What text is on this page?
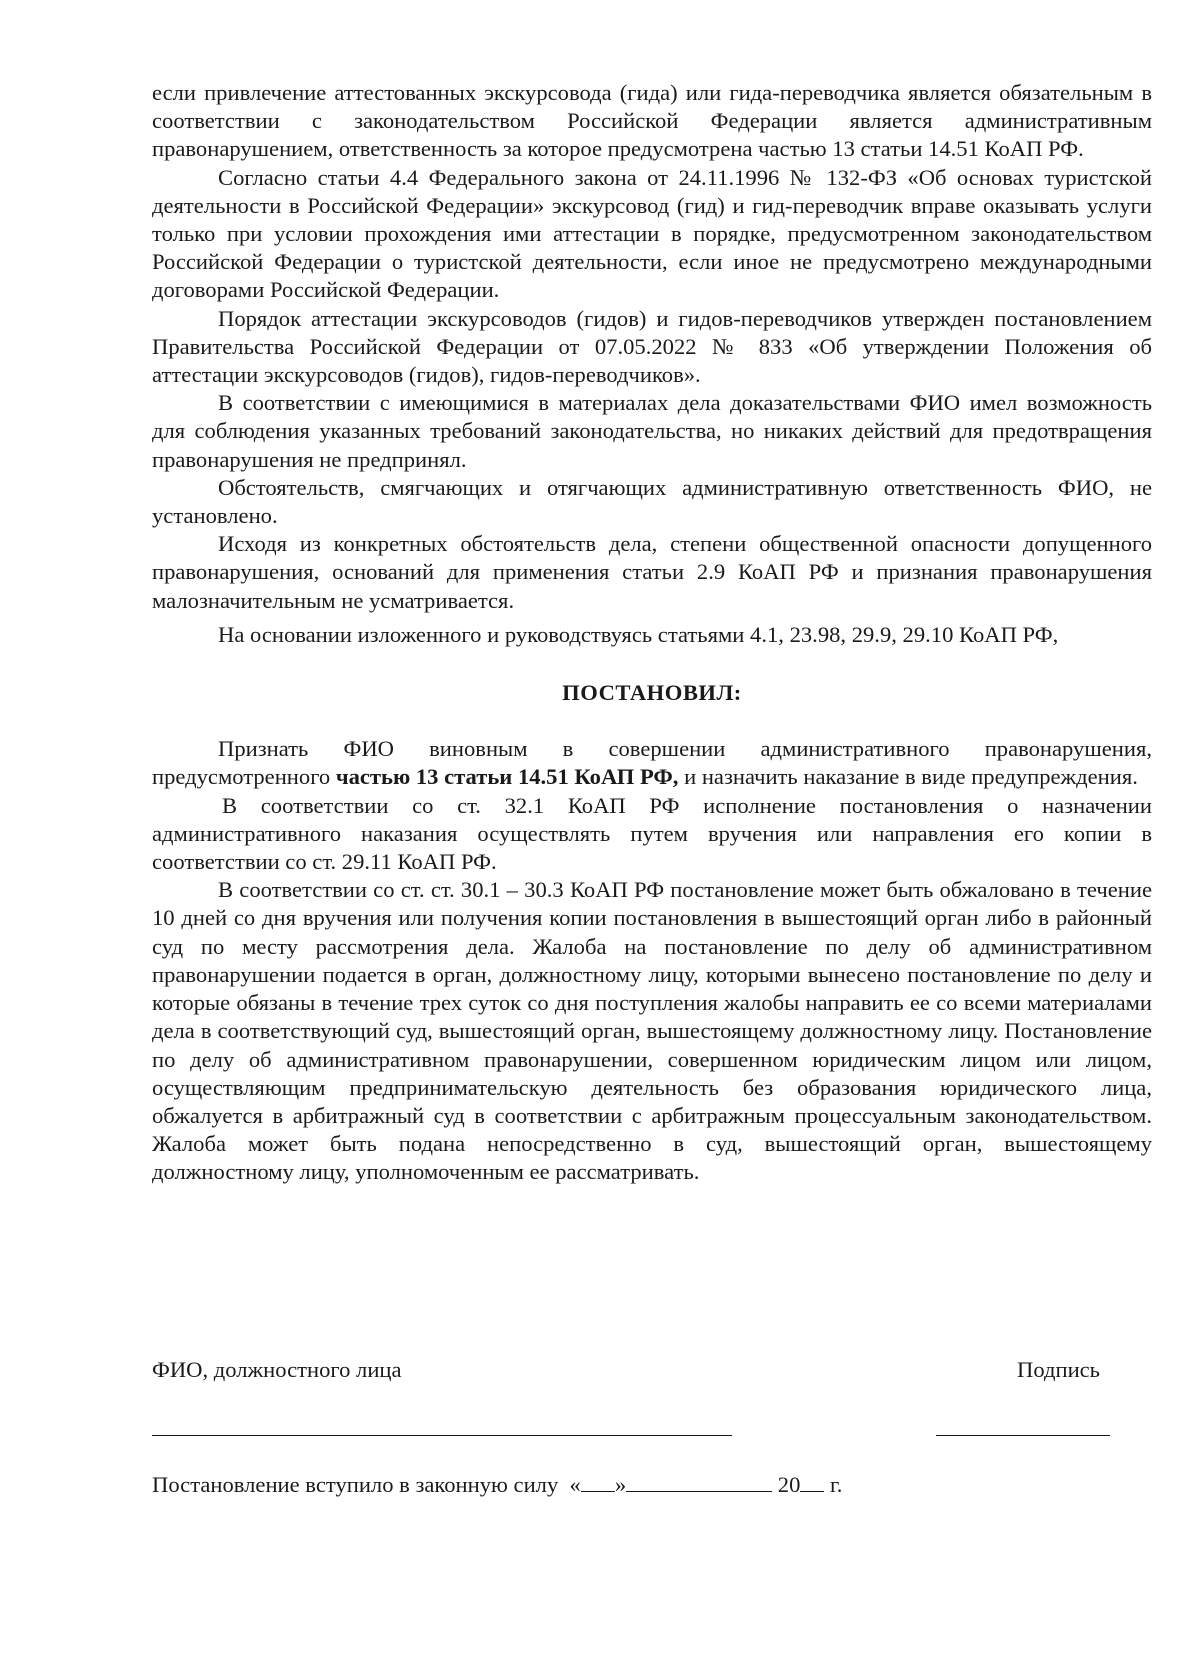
если привлечение аттестованных экскурсовода (гида) или гида-переводчика является обязательным в соответствии с законодательством Российской Федерации является административным правонарушением, ответственность за которое предусмотрена частью 13 статьи 14.51 КоАП РФ.

Согласно статьи 4.4 Федерального закона от 24.11.1996 № 132-ФЗ «Об основах туристской деятельности в Российской Федерации» экскурсовод (гид) и гид-переводчик вправе оказывать услуги только при условии прохождения ими аттестации в порядке, предусмотренном законодательством Российской Федерации о туристской деятельности, если иное не предусмотрено международными договорами Российской Федерации.

Порядок аттестации экскурсоводов (гидов) и гидов-переводчиков утвержден постановлением Правительства Российской Федерации от 07.05.2022 № 833 «Об утверждении Положения об аттестации экскурсоводов (гидов), гидов-переводчиков».

В соответствии с имеющимися в материалах дела доказательствами ФИО имел возможность для соблюдения указанных требований законодательства, но никаких действий для предотвращения правонарушения не предпринял.

Обстоятельств, смягчающих и отягчающих административную ответственность ФИО, не установлено.

Исходя из конкретных обстоятельств дела, степени общественной опасности допущенного правонарушения, оснований для применения статьи 2.9 КоАП РФ и признания правонарушения малозначительным не усматривается.

На основании изложенного и руководствуясь статьями 4.1, 23.98, 29.9, 29.10 КоАП РФ,

ПОСТАНОВИЛ:

Признать ФИО виновным в совершении административного правонарушения, предусмотренного частью 13 статьи 14.51 КоАП РФ, и назначить наказание в виде предупреждения.

В соответствии со ст. 32.1 КоАП РФ исполнение постановления о назначении административного наказания осуществлять путем вручения или направления его копии в соответствии со ст. 29.11 КоАП РФ.

В соответствии со ст. ст. 30.1 – 30.3 КоАП РФ постановление может быть обжаловано в течение 10 дней со дня вручения или получения копии постановления в вышестоящий орган либо в районный суд по месту рассмотрения дела. Жалоба на постановление по делу об административном правонарушении подается в орган, должностному лицу, которыми вынесено постановление по делу и которые обязаны в течение трех суток со дня поступления жалобы направить ее со всеми материалами дела в соответствующий суд, вышестоящий орган, вышестоящему должностному лицу. Постановление по делу об административном правонарушении, совершенном юридическим лицом или лицом, осуществляющим предпринимательскую деятельность без образования юридического лица, обжалуется в арбитражный суд в соответствии с арбитражным процессуальным законодательством. Жалоба может быть подана непосредственно в суд, вышестоящий орган, вышестоящему должностному лицу, уполномоченным ее рассматривать.

ФИО, должностного лица	Подпись
Постановление вступило в законную силу  « »	20 г.
